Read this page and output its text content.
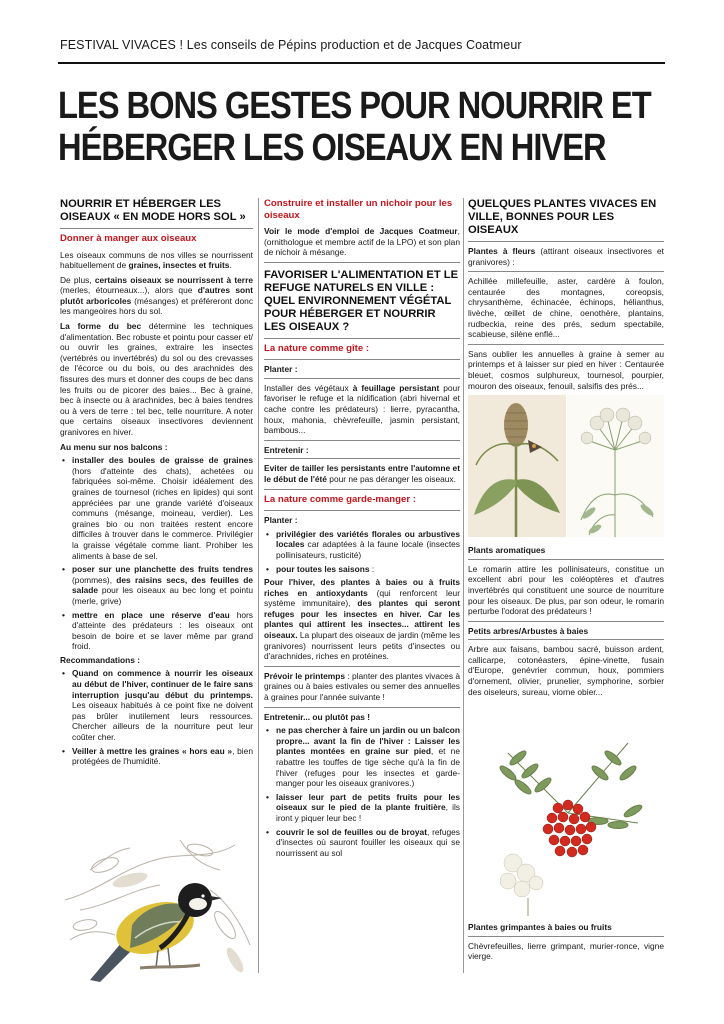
FESTIVAL VIVACES ! Les conseils de Pépins production et de Jacques Coatmeur
LES BONS GESTES POUR NOURRIR ET
HÉBERGER LES OISEAUX EN HIVER
NOURRIR ET HÉBERGER LES OISEAUX « EN MODE HORS SOL »
Donner à manger aux oiseaux

Les oiseaux communs de nos villes se nourrissent habituellement de graines, insectes et fruits.

De plus, certains oiseaux se nourrissent à terre (merles, étourneaux...), alors que d'autres sont plutôt arboricoles (mésanges) et préféreront donc les mangeoires hors du sol.

La forme du bec détermine les techniques d'alimentation. Bec robuste et pointu pour casser et/ ou ouvrir les graines, extraire les insectes (vertébrés ou invertébrés) du sol ou des crevasses de l'écorce ou du bois, ou des arachnides des fissures des murs et donner des coups de bec dans les fruits ou de picorer des baies... Bec à graine, bec à insecte ou à arachnides, bec à baies tendres ou à vers de terre : tel bec, telle nourriture. A noter que certains oiseaux insectivores deviennent granivores en hiver.

Au menu sur nos balcons :
• installer des boules de graisse de graines (hors d'atteinte des chats), achetées ou fabriquées soi-même. Choisir idéalement des graines de tournesol (riches en lipides) qui sont appréciées par une grande variété d'oiseaux communs (mésange, moineau, verdier). Les graines bio ou non traitées restent encore difficiles à trouver dans le commerce. Privilégier la graisse végétale comme liant. Prohiber les aliments à base de sel.
• poser sur une planchette des fruits tendres (pommes), des raisins secs, des feuilles de salade pour les oiseaux au bec long et pointu (merle, grive)
• mettre en place une réserve d'eau hors d'atteinte des prédateurs : les oiseaux ont besoin de boire et se laver même par grand froid.
Recommandations :
• Quand on commence à nourrir les oiseaux au début de l'hiver, continuer de le faire sans interruption jusqu'au début du printemps. Les oiseaux habitués à ce point fixe ne doivent pas brûler inutilement leurs ressources. Chercher ailleurs de la nourriture peut leur coûter cher.
• Veiller à mettre les graines « hors eau », bien protégées de l'humidité.
Construire et installer un nichoir pour les oiseaux

Voir le mode d'emploi de Jacques Coatmeur, (ornithologue et membre actif de la LPO) et son plan de nichoir à mésange.

FAVORISER L'ALIMENTATION ET LE REFUGE NATURELS EN VILLE : QUEL ENVIRONNEMENT VÉGÉTAL POUR HÉBERGER ET NOURRIR LES OISEAUX ?
La nature comme gîte :
Planter :

Installer des végétaux à feuillage persistant pour favoriser le refuge et la nidification (abri hivernal et cache contre les prédateurs) : lierre, pyracantha, houx, mahonia, chèvrefeuille, jasmin persistant, bambous...

Entretenir :

Eviter de tailler les persistants entre l'automne et le début de l'été pour ne pas déranger les oiseaux.

La nature comme garde-manger :
Planter :
• privilégier des variétés florales ou arbustives locales car adaptées à la faune locale (insectes pollinisateurs, rusticité)
• pour toutes les saisons :

Pour l'hiver, des plantes à baies ou à fruits riches en antioxydants (qui renforcent leur système immunitaire), des plantes qui seront refuges pour les insectes en hiver. Car les plantes qui attirent les insectes... attirent les oiseaux. La plupart des oiseaux de jardin (même les granivores) nourrissent leurs petits d'insectes ou d'arachnides, riches en protéines.

Prévoir le printemps : planter des plantes vivaces à graines ou à baies estivales ou semer des annuelles à graines pour l'année suivante !

Entretenir... ou plutôt pas !
• ne pas chercher à faire un jardin ou un balcon propre... avant la fin de l'hiver : Laisser les plantes montées en graine sur pied, et ne rabattre les touffes de tige sèche qu'à la fin de l'hiver (refuges pour les insectes et garde-manger pour les oiseaux granivores.)
• laisser leur part de petits fruits pour les oiseaux sur le pied de la plante fruitière, ils iront y piquer leur bec !
• couvrir le sol de feuilles ou de broyat, refuges d'insectes où sauront fouiller les oiseaux qui se nourrissent au sol
QUELQUES PLANTES VIVACES EN VILLE, BONNES POUR LES OISEAUX

Plantes à fleurs (attirant oiseaux insectivores et granivores) :

Achillée millefeuille, aster, cardère à foulon, centaurée des montagnes, coreopsis, chrysanthème, échinacée, échinops, hélianthus, livèche, œillet de chine, oenothère, plantains, rudbeckia, reine des prés, sedum spectabile, scabieuse, silène enflé...

Sans oublier les annuelles à graine à semer au printemps et à laisser sur pied en hiver : Centaurée bleuet, cosmos sulphureux, tournesol, pourpier, mouron des oiseaux, fenouil, salsifis des prés...

Plants aromatiques

Le romarin attire les pollinisateurs, constitue un excellent abri pour les coléoptères et d'autres invertébrés qui constituent une source de nourriture pour les oiseaux. De plus, par son odeur, le romarin perturbe l'odorat des prédateurs !

Petits arbres/Arbustes à baies

Arbre aux faisans, bambou sacré, buisson ardent, callicarpe, cotonéasters, épine-vinette, fusain d'Europe, genévrier commun, houx, pommiers d'ornement, olivier, prunelier, symphorine, sorbier des oiseleurs, sureau, viorne obier...

Plantes grimpantes à baies ou fruits

Chèvrefeuilles, lierre grimpant, murier-ronce, vigne vierge.
